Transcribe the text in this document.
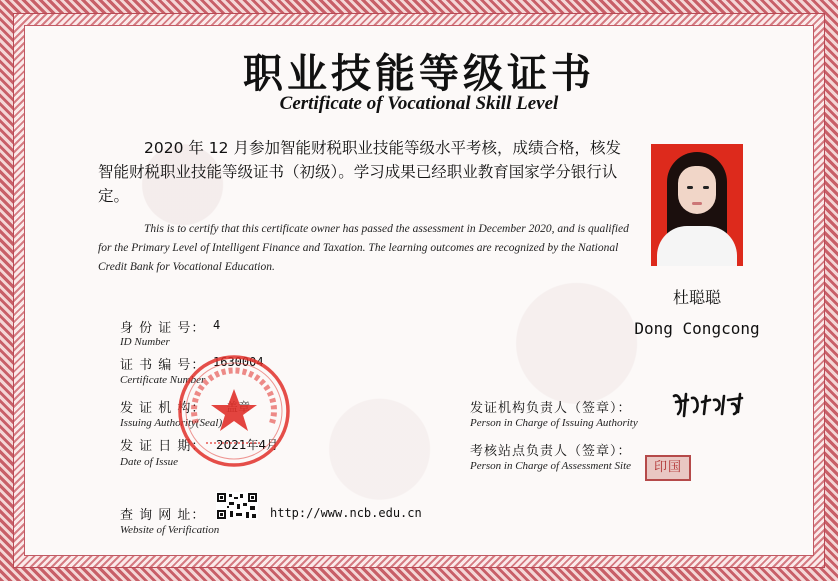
职业技能等级证书
Certificate of Vocational Skill Level
2020 年 12 月参加智能财税职业技能等级水平考核，成绩合格，核发智能财税职业技能等级证书（初级）。学习成果已经职业教育国家学分银行认定。
This is to certify that this certificate owner has passed the assessment in December 2020, and is qualified for the Primary Level of Intelligent Finance and Taxation. The learning outcomes are recognized by the National Credit Bank for Vocational Education.
杜聪聪
Dong Congcong
身 份 证 号： 4
ID Number
证 书 编 号： 1630004
Certificate Number
发 证 机 构：
Issuing Authority(Seal)
发 证 日 期： 2021年4月
Date of Issue
查 询 网 址：	http://www.ncb.edu.cn
Website of Verification
发证机构负责人（签章）：
Person in Charge of Issuing Authority
考核站点负责人（签章）：
Person in Charge of Assessment Site	印国
